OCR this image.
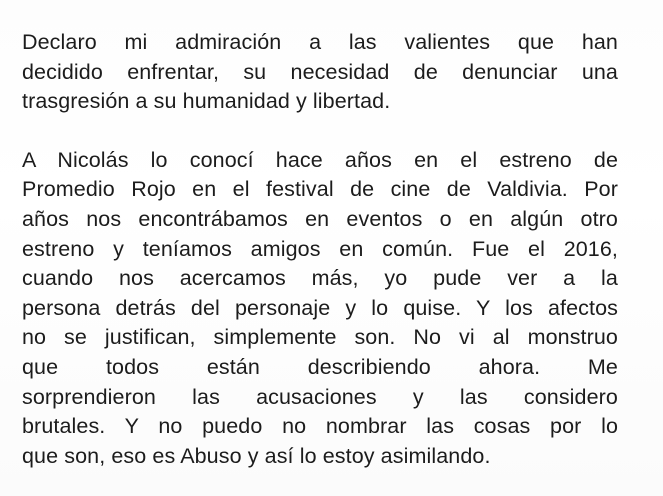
Declaro mi admiración a las valientes que han
decidido enfrentar, su necesidad de denunciar una
trasgresión a su humanidad y libertad.

A Nicolás lo conocí hace años en el estreno de
Promedio Rojo en el festival de cine de Valdivia. Por
años nos encontrábamos en eventos o en algún otro
estreno y teníamos amigos en común. Fue el 2016,
cuando nos acercamos más, yo pude ver a la
persona detrás del personaje y lo quise. Y los afectos
no se justifican, simplemente son. No vi al monstruo
que todos están describiendo ahora. Me
sorprendieron las acusaciones y las considero
brutales. Y no puedo no nombrar las cosas por lo
que son, eso es Abuso y así lo estoy asimilando.
